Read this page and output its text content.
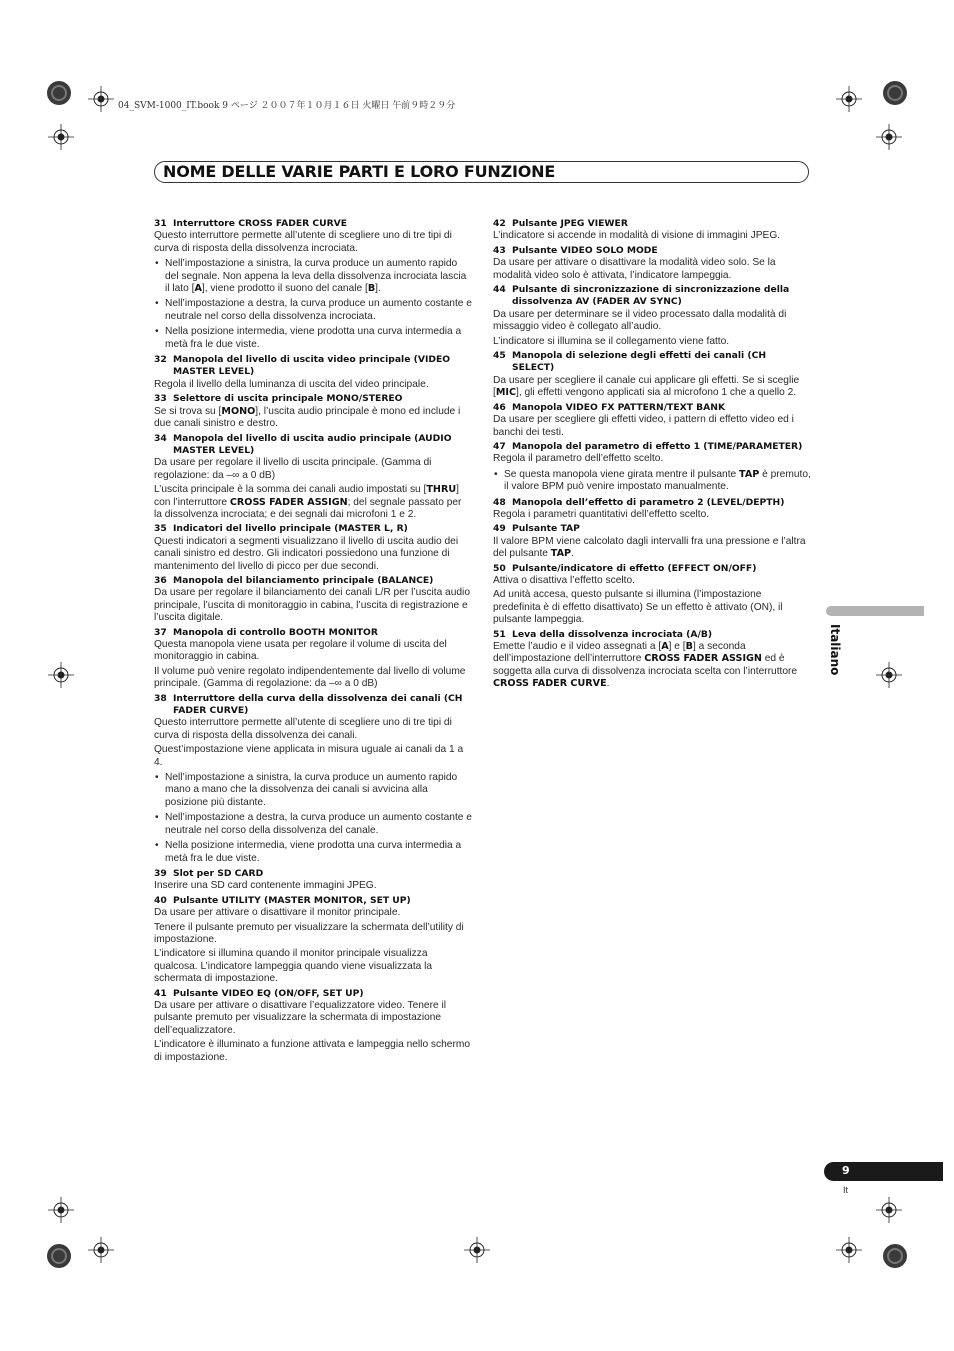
04_SVM-1000_IT.book 9 ページ ２００７年１０月１６日 火曜日 午前９時２９分
NOME DELLE VARIE PARTI E LORO FUNZIONE
31 Interruttore CROSS FADER CURVE

Questo interruttore permette all’utente di scegliere uno di tre tipi di curva di risposta della dissolvenza incrociata.

• Nell’impostazione a sinistra, la curva produce un aumento rapido del segnale. Non appena la leva della dissolvenza incrociata lascia il lato [A], viene prodotto il suono del canale [B].
• Nell’impostazione a destra, la curva produce un aumento costante e neutrale nel corso della dissolvenza incrociata.
• Nella posizione intermedia, viene prodotta una curva intermedia a metà fra le due viste.
32 Manopola del livello di uscita video principale (VIDEO MASTER LEVEL)

Regola il livello della luminanza di uscita del video principale.

33 Selettore di uscita principale MONO/STEREO

Se si trova su [MONO], l’uscita audio principale è mono ed include i due canali sinistro e destro.

34 Manopola del livello di uscita audio principale (AUDIO MASTER LEVEL)

Da usare per regolare il livello di uscita principale. (Gamma di regolazione: da –∞ a 0 dB)

L’uscita principale è la somma dei canali audio impostati su [THRU] con l’interruttore CROSS FADER ASSIGN; del segnale passato per la dissolvenza incrociata; e dei segnali dai microfoni 1 e 2.

35 Indicatori del livello principale (MASTER L, R)

Questi indicatori a segmenti visualizzano il livello di uscita audio dei canali sinistro ed destro. Gli indicatori possiedono una funzione di mantenimento del livello di picco per due secondi.

36 Manopola del bilanciamento principale (BALANCE)

Da usare per regolare il bilanciamento dei canali L/R per l’uscita audio principale, l’uscita di monitoraggio in cabina, l’uscita di registrazione e l’uscita digitale.

37 Manopola di controllo BOOTH MONITOR

Questa manopola viene usata per regolare il volume di uscita del monitoraggio in cabina.

Il volume può venire regolato indipendentemente dal livello di volume principale. (Gamma di regolazione: da –∞ a 0 dB)

38 Interruttore della curva della dissolvenza dei canali (CH FADER CURVE)

Questo interruttore permette all’utente di scegliere uno di tre tipi di curva di risposta della dissolvenza dei canali.

Quest’impostazione viene applicata in misura uguale ai canali da 1 a 4.

• Nell’impostazione a sinistra, la curva produce un aumento rapido mano a mano che la dissolvenza dei canali si avvicina alla posizione più distante.
• Nell’impostazione a destra, la curva produce un aumento costante e neutrale nel corso della dissolvenza del canale.
• Nella posizione intermedia, viene prodotta una curva intermedia a metà fra le due viste.
39 Slot per SD CARD

Inserire una SD card contenente immagini JPEG.

40 Pulsante UTILITY (MASTER MONITOR, SET UP)

Da usare per attivare o disattivare il monitor principale.

Tenere il pulsante premuto per visualizzare la schermata dell’utility di impostazione.

L’indicatore si illumina quando il monitor principale visualizza qualcosa. L’indicatore lampeggia quando viene visualizzata la schermata di impostazione.

41 Pulsante VIDEO EQ (ON/OFF, SET UP)

Da usare per attivare o disattivare l’equalizzatore video. Tenere il pulsante premuto per visualizzare la schermata di impostazione dell’equalizzatore.

L’indicatore è illuminato a funzione attivata e lampeggia nello schermo di impostazione.

42 Pulsante JPEG VIEWER

L’indicatore si accende in modalità di visione di immagini JPEG.

43 Pulsante VIDEO SOLO MODE

Da usare per attivare o disattivare la modalità video solo. Se la modalità video solo è attivata, l’indicatore lampeggia.

44 Pulsante di sincronizzazione di sincronizzazione della dissolvenza AV (FADER AV SYNC)

Da usare per determinare se il video processato dalla modalità di missaggio video è collegato all’audio.

L’indicatore si illumina se il collegamento viene fatto.

45 Manopola di selezione degli effetti dei canali (CH SELECT)

Da usare per scegliere il canale cui applicare gli effetti. Se si sceglie [MIC], gli effetti vengono applicati sia al microfono 1 che a quello 2.

46 Manopola VIDEO FX PATTERN/TEXT BANK

Da usare per scegliere gli effetti video, i pattern di effetto video ed i banchi dei testi.

47 Manopola del parametro di effetto 1 (TIME/PARAMETER)

Regola il parametro dell’effetto scelto.

• Se questa manopola viene girata mentre il pulsante TAP è premuto, il valore BPM può venire impostato manualmente.
48 Manopola dell’effetto di parametro 2 (LEVEL/DEPTH)

Regola i parametri quantitativi dell’effetto scelto.

49 Pulsante TAP

Il valore BPM viene calcolato dagli intervalli fra una pressione e l’altra del pulsante TAP.

50 Pulsante/indicatore di effetto (EFFECT ON/OFF)

Attiva o disattiva l’effetto scelto.

Ad unità accesa, questo pulsante si illumina (l’impostazione predefinita è di effetto disattivato) Se un effetto è attivato (ON), il pulsante lampeggia.

51 Leva della dissolvenza incrociata (A/B)

Emette l’audio e il video assegnati a [A] e [B] a seconda dell’impostazione dell’interruttore CROSS FADER ASSIGN ed è soggetta alla curva di dissolvenza incrociata scelta con l’interruttore CROSS FADER CURVE.

Italiano
9
It
